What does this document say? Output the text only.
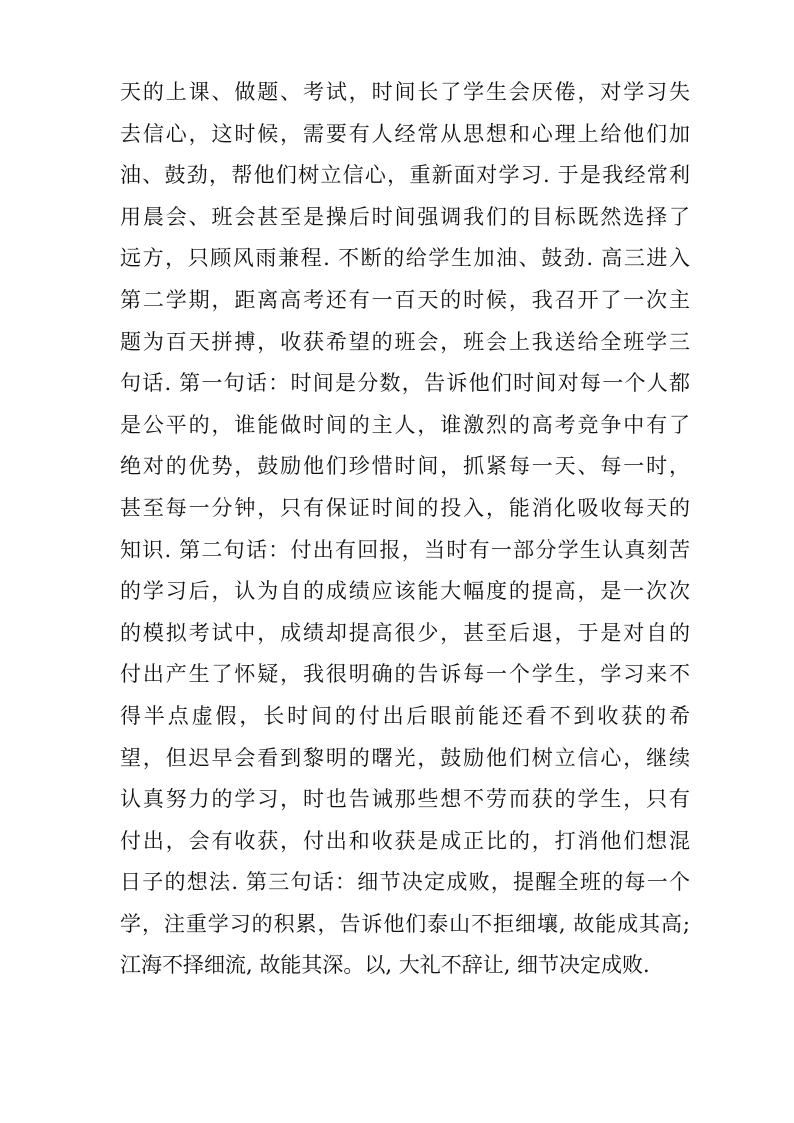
天的上课、做题、考试，时间长了学生会厌倦，对学习失
去信心，这时候，需要有人经常从思想和心理上给他们加
油、鼓劲，帮他们树立信心，重新面对学习. 于是我经常利
用晨会、班会甚至是操后时间强调我们的目标既然选择了
远方，只顾风雨兼程. 不断的给学生加油、鼓劲. 高三进入
第二学期，距离高考还有一百天的时候，我召开了一次主
题为百天拼搏，收获希望的班会，班会上我送给全班学三
句话. 第一句话：时间是分数，告诉他们时间对每一个人都
是公平的，谁能做时间的主人，谁激烈的高考竞争中有了
绝对的优势，鼓励他们珍惜时间，抓紧每一天、每一时，
甚至每一分钟，只有保证时间的投入，能消化吸收每天的
知识. 第二句话：付出有回报，当时有一部分学生认真刻苦
的学习后，认为自的成绩应该能大幅度的提高，是一次次
的模拟考试中，成绩却提高很少，甚至后退，于是对自的
付出产生了怀疑，我很明确的告诉每一个学生，学习来不
得半点虚假，长时间的付出后眼前能还看不到收获的希
望，但迟早会看到黎明的曙光，鼓励他们树立信心，继续
认真努力的学习，时也告诫那些想不劳而获的学生，只有
付出，会有收获，付出和收获是成正比的，打消他们想混
日子的想法. 第三句话：细节决定成败，提醒全班的每一个
学，注重学习的积累，告诉他们泰山不拒细壤, 故能成其高;
江海不择细流, 故能其深。以, 大礼不辞让, 细节决定成败.
